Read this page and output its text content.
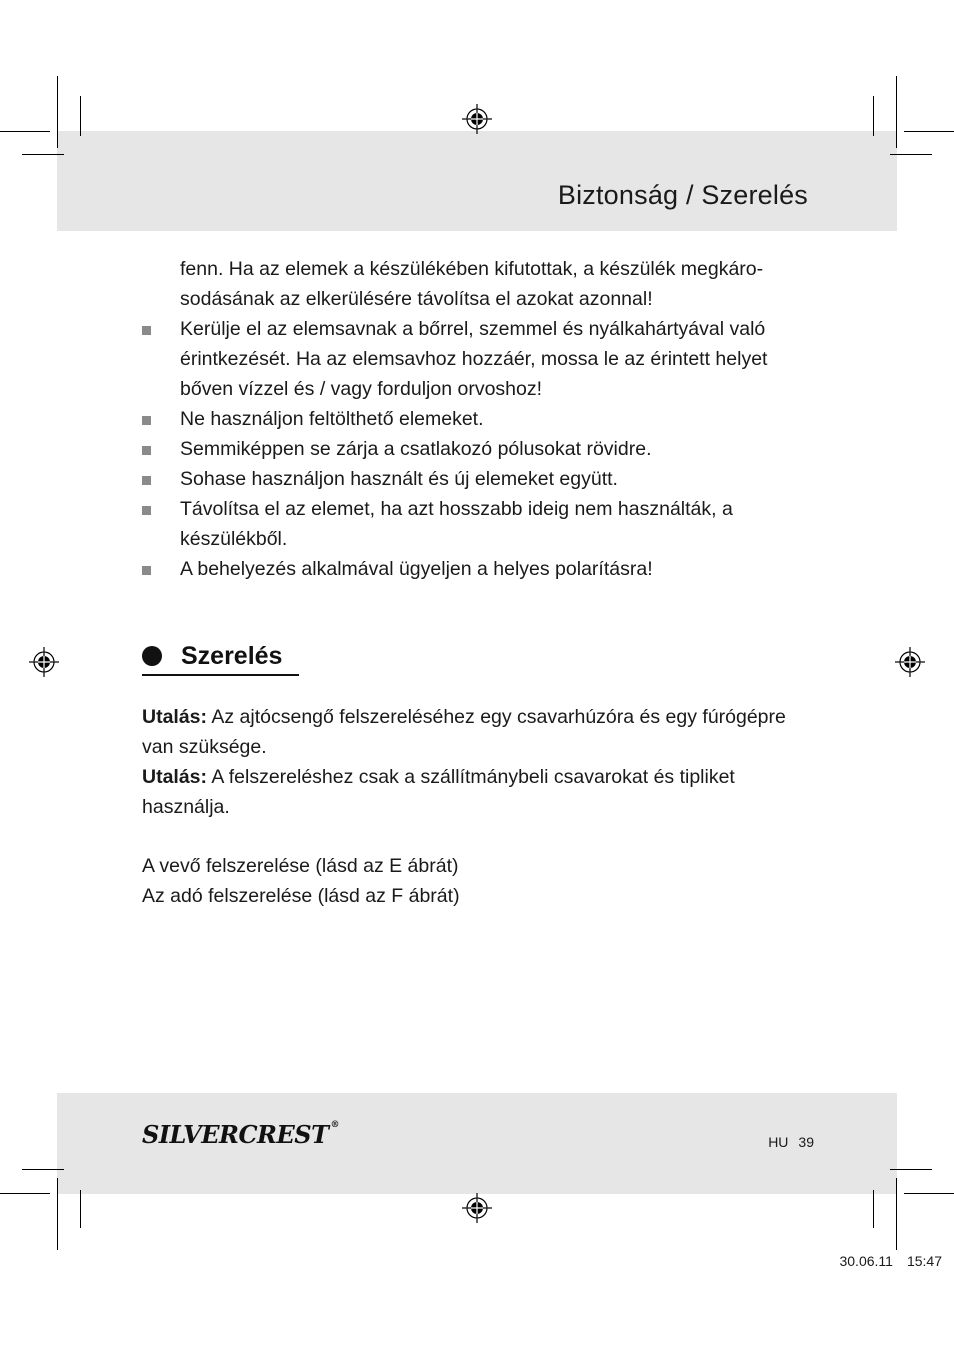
Biztonság / Szerelés
fenn. Ha az elemek a készülékében kifutottak, a készülék megkáro- sodásának az elkerülésére távolítsa el azokat azonnal!
Kerülje el az elemsavnak a bőrrel, szemmel és nyálkahártyával való érintkezését. Ha az elemsavhoz hozzáér, mossa le az érintett helyet bőven vízzel és / vagy forduljon orvoshoz!
Ne használjon feltölthető elemeket.
Semmiképpen se zárja a csatlakozó pólusokat rövidre.
Sohase használjon használt és új elemeket együtt.
Távolítsa el az elemet, ha azt hosszabb ideig nem használták, a készülékből.
A behelyezés alkalmával ügyeljen a helyes polarításra!
Szerelés

Utalás: Az ajtócsengő felszereléséhez egy csavarhúzóra és egy fúrógépre van szüksége.

Utalás: A felszereléshez csak a szállítmánybeli csavarokat és tipliket használja.

A vevő felszerelése (lásd az E ábrát)

Az adó felszerelése (lásd az F ábrát)

SILVERCREST ®
HU 39
30.06.11 15:47
